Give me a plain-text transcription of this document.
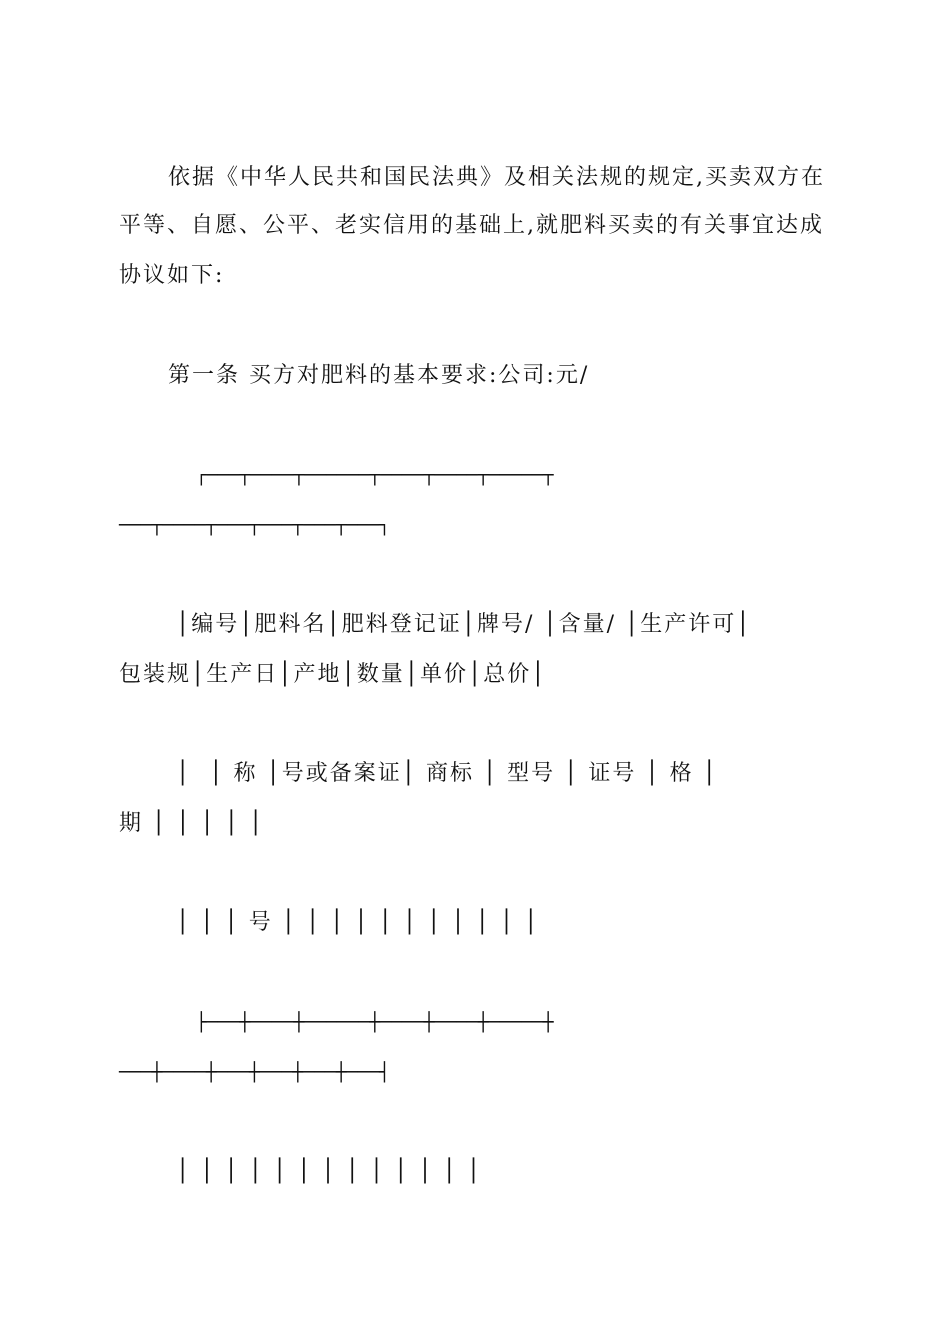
依据《中华人民共和国民法典》及相关法规的规定,买卖双方在
平等、自愿、公平、老实信用的基础上,就肥料买卖的有关事宜达成
协议如下:
第一条 买方对肥料的基本要求:公司:元/
┌───┬────┬──────┬────┬────┬─────┬
───┬────┬───┬───┬───┬───┐
│编号│肥料名│肥料登记证│牌号/ │含量/ │生产许可│
包装规│生产日│产地│数量│单价│总价│
│  │ 称 │号或备案证│ 商标 │ 型号 │ 证号 │ 格 │
期 │ │ │ │ │
│ │ │ 号 │ │ │ │ │ │ │ │ │ │ │
├───┼────┼──────┼────┼────┼─────┼
───┼────┼───┼───┼───┼───┤
│ │ │ │ │ │ │ │ │ │ │ │ │
